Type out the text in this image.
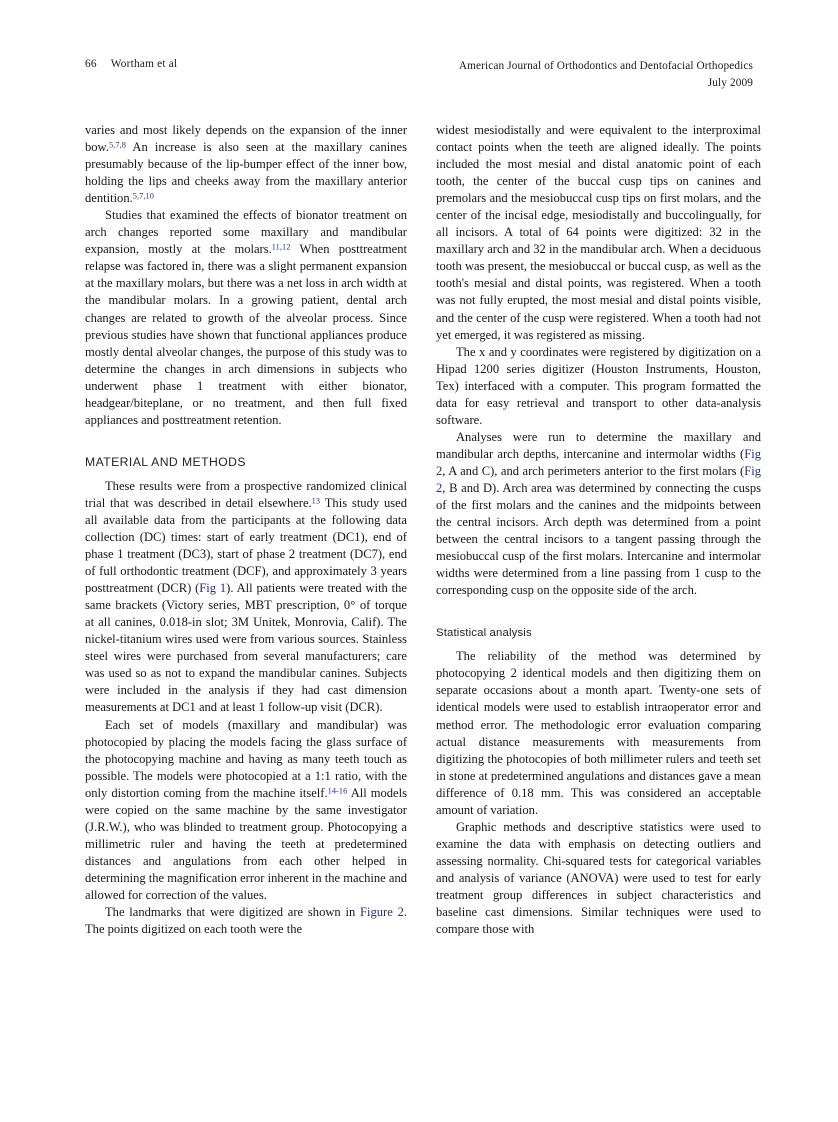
66 Wortham et al	American Journal of Orthodontics and Dentofacial Orthopedics
July 2009

varies and most likely depends on the expansion of the inner bow.$^{5,7,8}$ An increase is also seen at the maxillary canines presumably because of the lip-bumper effect of the inner bow, holding the lips and cheeks away from the maxillary anterior dentition.$^{5,7,10}$

Studies that examined the effects of bionator treatment on arch changes reported some maxillary and mandibular expansion, mostly at the molars.$^{11,12}$ When posttreatment relapse was factored in, there was a slight permanent expansion at the maxillary molars, but there was a net loss in arch width at the mandibular molars. In a growing patient, dental arch changes are related to growth of the alveolar process. Since previous studies have shown that functional appliances produce mostly dental alveolar changes, the purpose of this study was to determine the changes in arch dimensions in subjects who underwent phase 1 treatment with either bionator, headgear/biteplane, or no treatment, and then full fixed appliances and posttreatment retention.

MATERIAL AND METHODS

These results were from a prospective randomized clinical trial that was described in detail elsewhere.$^{13}$ This study used all available data from the participants at the following data collection (DC) times: start of early treatment (DC1), end of phase 1 treatment (DC3), start of phase 2 treatment (DC7), end of full orthodontic treatment (DCF), and approximately 3 years posttreatment (DCR) (Fig 1). All patients were treated with the same brackets (Victory series, MBT prescription, 0° of torque at all canines, 0.018-in slot; 3M Unitek, Monrovia, Calif). The nickel-titanium wires used were from various sources. Stainless steel wires were purchased from several manufacturers; care was used so as not to expand the mandibular canines. Subjects were included in the analysis if they had cast dimension measurements at DC1 and at least 1 follow-up visit (DCR).

Each set of models (maxillary and mandibular) was photocopied by placing the models facing the glass surface of the photocopying machine and having as many teeth touch as possible. The models were photocopied at a 1:1 ratio, with the only distortion coming from the machine itself.$^{14-16}$ All models were copied on the same machine by the same investigator (J.R.W.), who was blinded to treatment group. Photocopying a millimetric ruler and having the teeth at predetermined distances and angulations from each other helped in determining the magnification error inherent in the machine and allowed for correction of the values.

The landmarks that were digitized are shown in Figure 2. The points digitized on each tooth were the

widest mesiodistally and were equivalent to the interproximal contact points when the teeth are aligned ideally. The points included the most mesial and distal anatomic point of each tooth, the center of the buccal cusp tips on canines and premolars and the mesiobuccal cusp tips on first molars, and the center of the incisal edge, mesiodistally and buccolingually, for all incisors. A total of 64 points were digitized: 32 in the maxillary arch and 32 in the mandibular arch. When a deciduous tooth was present, the mesiobuccal or buccal cusp, as well as the tooth's mesial and distal points, was registered. When a tooth was not fully erupted, the most mesial and distal points visible, and the center of the cusp were registered. When a tooth had not yet emerged, it was registered as missing.

The x and y coordinates were registered by digitization on a Hipad 1200 series digitizer (Houston Instruments, Houston, Tex) interfaced with a computer. This program formatted the data for easy retrieval and transport to other data-analysis software.

Analyses were run to determine the maxillary and mandibular arch depths, intercanine and intermolar widths (Fig 2, A and C), and arch perimeters anterior to the first molars (Fig 2, B and D). Arch area was determined by connecting the cusps of the first molars and the canines and the midpoints between the central incisors. Arch depth was determined from a point between the central incisors to a tangent passing through the mesiobuccal cusp of the first molars. Intercanine and intermolar widths were determined from a line passing from 1 cusp to the corresponding cusp on the opposite side of the arch.

Statistical analysis

The reliability of the method was determined by photocopying 2 identical models and then digitizing them on separate occasions about a month apart. Twenty-one sets of identical models were used to establish intraoperator error and method error. The methodologic error evaluation comparing actual distance measurements with measurements from digitizing the photocopies of both millimeter rulers and teeth set in stone at predetermined angulations and distances gave a mean difference of 0.18 mm. This was considered an acceptable amount of variation.

Graphic methods and descriptive statistics were used to examine the data with emphasis on detecting outliers and assessing normality. Chi-squared tests for categorical variables and analysis of variance (ANOVA) were used to test for early treatment group differences in subject characteristics and baseline cast dimensions. Similar techniques were used to compare those with
